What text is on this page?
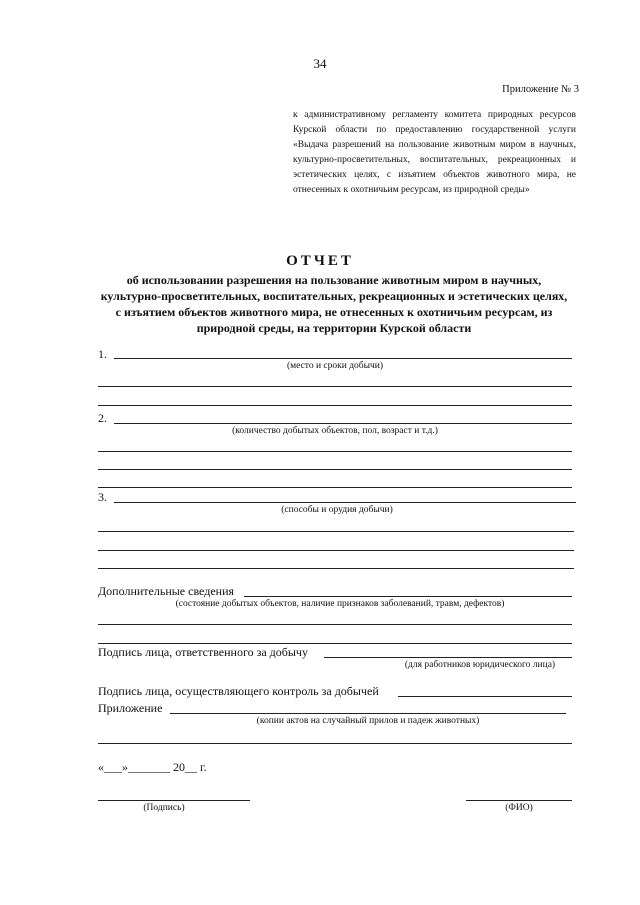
34
Приложение № 3
к административному регламенту комитета природных ресурсов Курской области по предоставлению государственной услуги «Выдача разрешений на пользование животным миром в научных, культурно-просветительных, воспитательных, рекреационных и эстетических целях, с изъятием объектов животного мира, не отнесенных к охотничьим ресурсам, из природной среды»
ОТЧЕТ
об использовании разрешения на пользование животным миром в научных, культурно-просветительных, воспитательных, рекреационных и эстетических целях, с изъятием объектов животного мира, не отнесенных к охотничьим ресурсам, из природной среды, на территории Курской области
1.
(место и сроки добычи)
2.
(количество добытых объектов, пол, возраст и т.д.)
3.
(способы и орудия добычи)
Дополнительные сведения
(состояние добытых объектов, наличие признаков заболеваний, травм, дефектов)
Подпись лица, ответственного за добычу
(для работников юридического лица)
Подпись лица, осуществляющего контроль за добычей
Приложение
(копии актов на случайный прилов и падеж животных)
«___»_______ 20__ г.
(Подпись)	(ФИО)
